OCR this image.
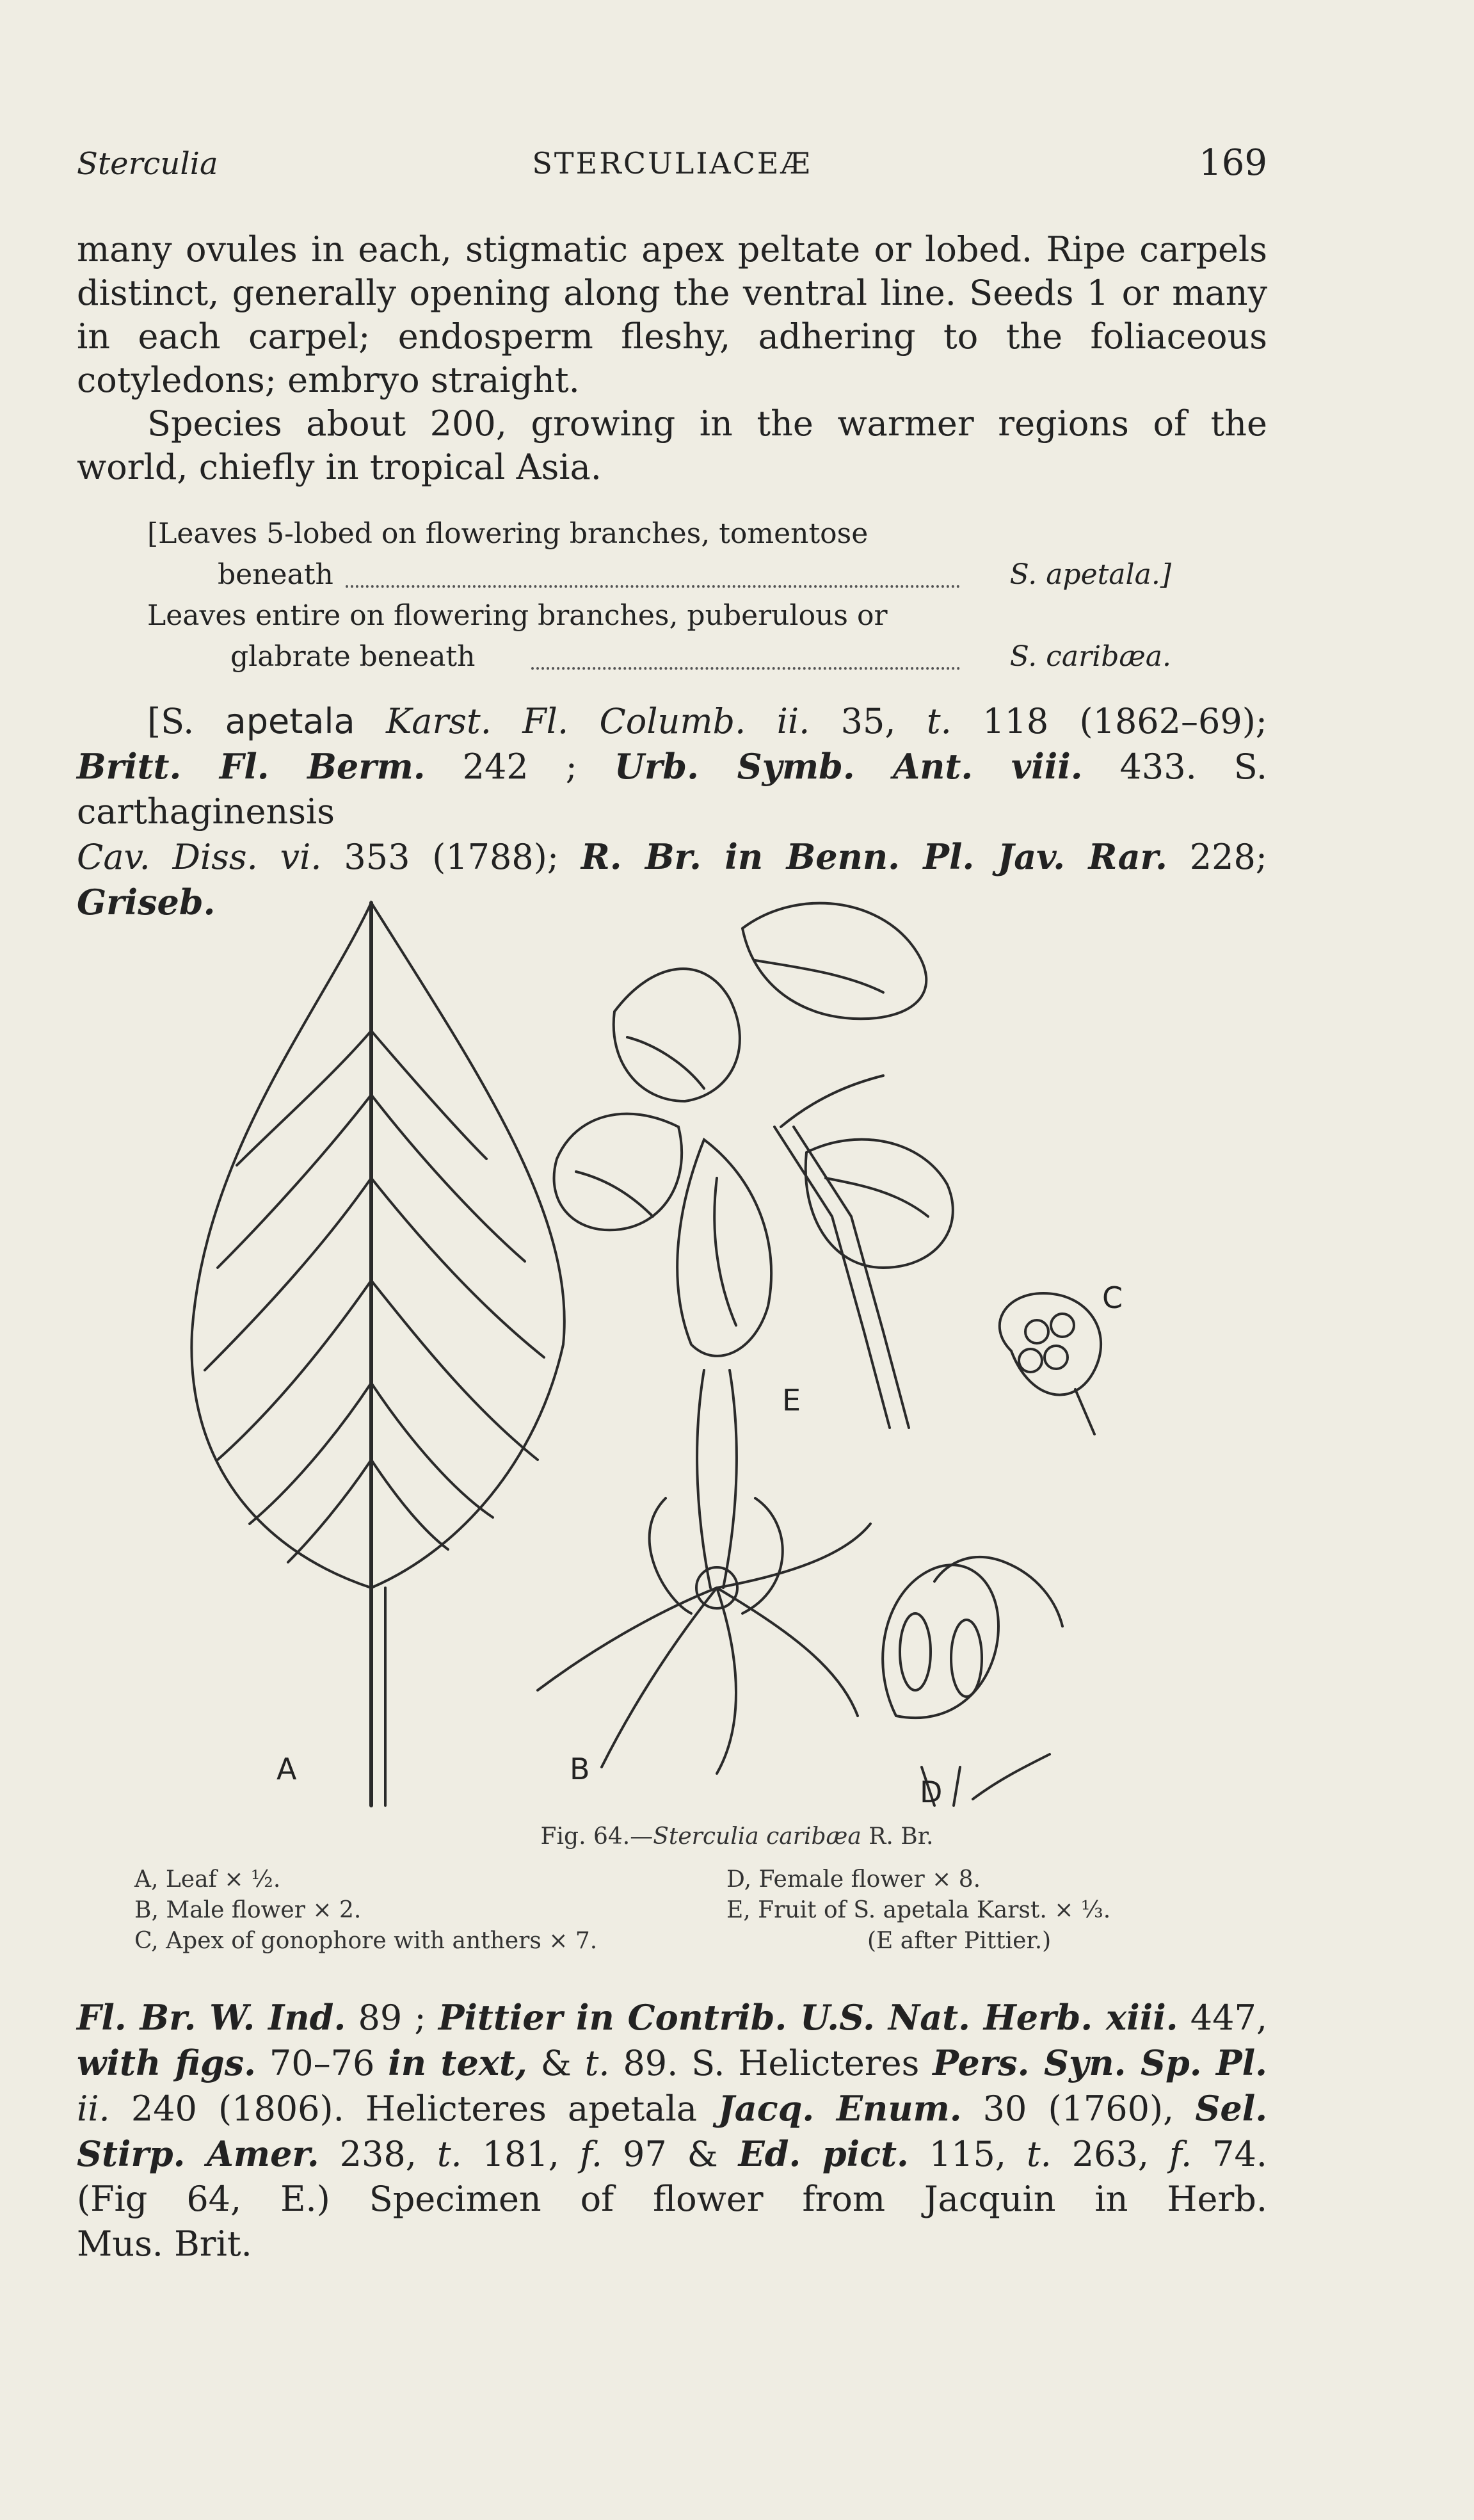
Sterculia	STERCULIACEÆ	169

many ovules in each, stigmatic apex peltate or lobed. Ripe carpels distinct, generally opening along the ventral line. Seeds 1 or many in each carpel; endosperm fleshy, adhering to the foliaceous cotyledons; embryo straight.

Species about 200, growing in the warmer regions of the world, chiefly in tropical Asia.

[Leaves 5-lobed on flowering branches, tomentose
beneath	S. apetala.]
Leaves entire on flowering branches, puberulous or
glabrate beneath	S. caribæa.
[S. apetala Karst. Fl. Columb. ii. 35, t. 118 (1862–69);
Britt. Fl. Berm. 242 ; Urb. Symb. Ant. viii. 433. S. carthaginensis
Cav. Diss. vi. 353 (1788); R. Br. in Benn. Pl. Jav. Rar. 228; Griseb.
A	B
C
D
E
Fig. 64.—Sterculia caribæa R. Br.
A, Leaf × ½.
B, Male flower × 2.
C, Apex of gonophore with anthers × 7.
D, Female flower × 8.
E, Fruit of S. apetala Karst. × ⅓.
(E after Pittier.)
Fl. Br. W. Ind. 89 ; Pittier in Contrib. U.S. Nat. Herb. xiii. 447,
with figs. 70–76 in text, & t. 89. S. Helicteres Pers. Syn. Sp. Pl.
ii. 240 (1806). Helicteres apetala Jacq. Enum. 30 (1760), Sel.
Stirp. Amer. 238, t. 181, f. 97 & Ed. pict. 115, t. 263, f. 74.
(Fig 64, E.) Specimen of flower from Jacquin in Herb.
Mus. Brit.
